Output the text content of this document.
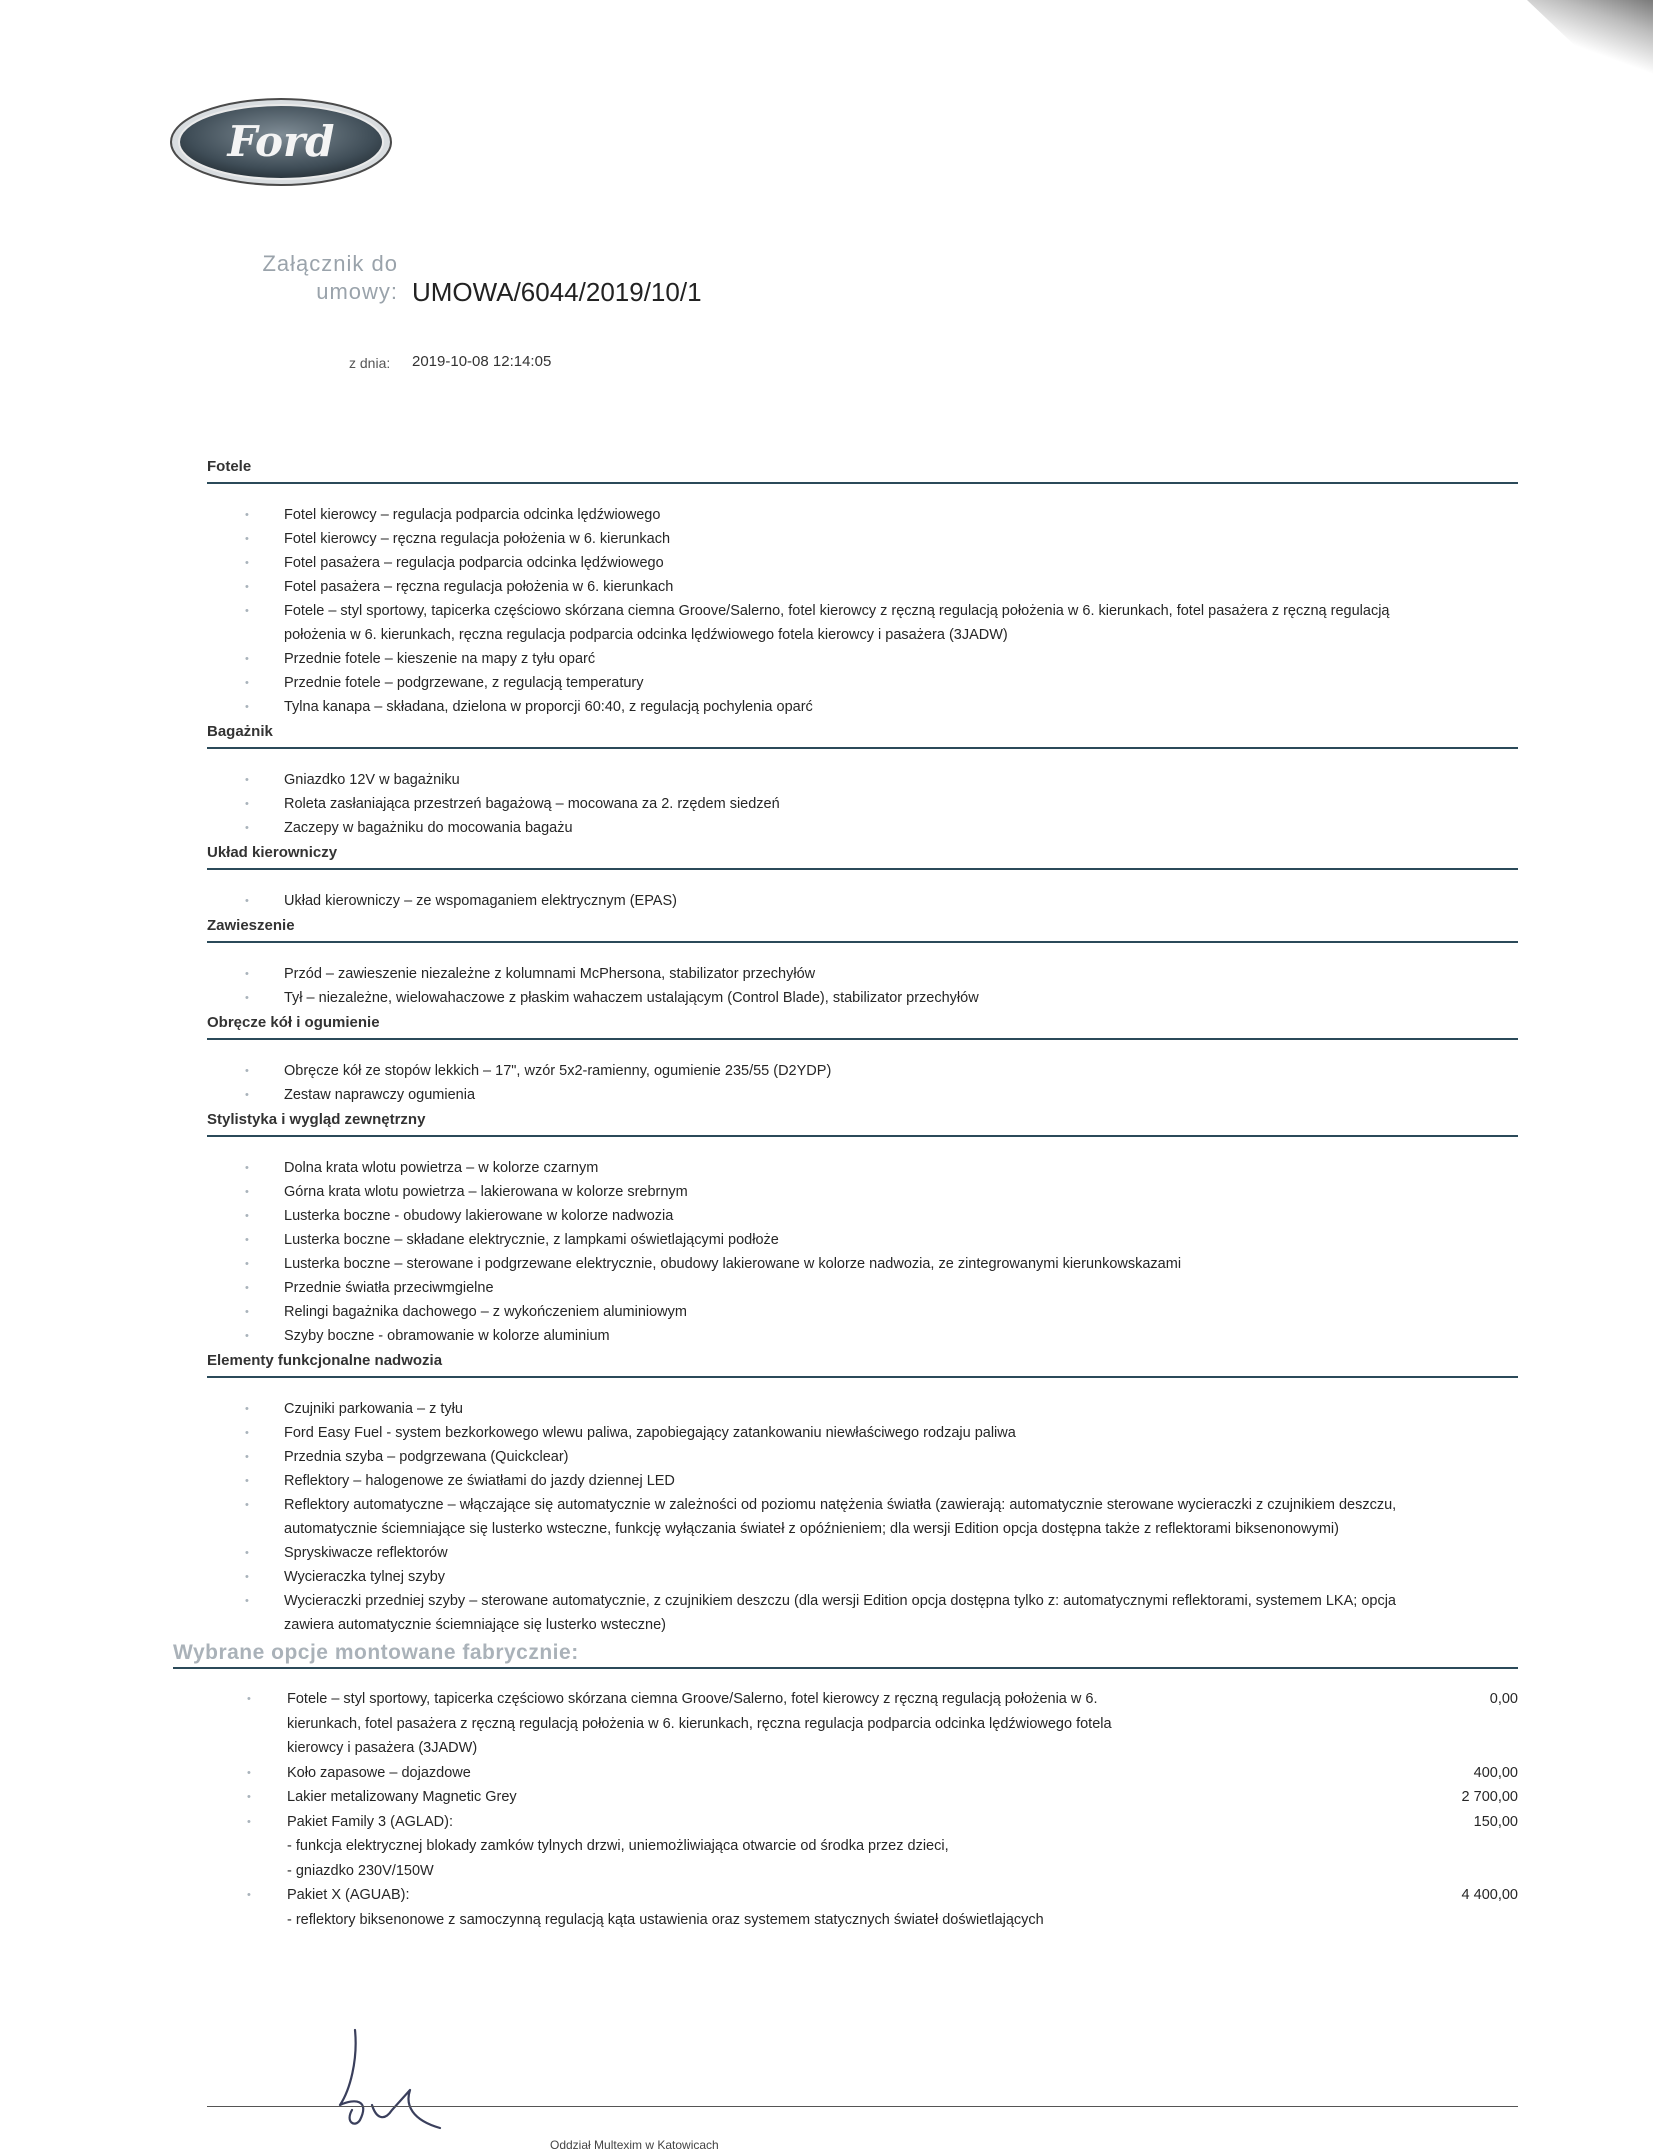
Ford
Załącznik do
umowy: UMOWA/6044/2019/10/1
z dnia: 2019-10-08 12:14:05
Fotele
• Fotel kierowcy – regulacja podparcia odcinka lędźwiowego
• Fotel kierowcy – ręczna regulacja położenia w 6. kierunkach
• Fotel pasażera – regulacja podparcia odcinka lędźwiowego
• Fotel pasażera – ręczna regulacja położenia w 6. kierunkach
• Fotele – styl sportowy, tapicerka częściowo skórzana ciemna Groove/Salerno, fotel kierowcy z ręczną regulacją położenia w 6. kierunkach, fotel pasażera z ręczną regulacją położenia w 6. kierunkach, ręczna regulacja podparcia odcinka lędźwiowego fotela kierowcy i pasażera (3JADW)
• Przednie fotele – kieszenie na mapy z tyłu oparć
• Przednie fotele – podgrzewane, z regulacją temperatury
• Tylna kanapa – składana, dzielona w proporcji 60:40, z regulacją pochylenia oparć
Bagażnik
• Gniazdko 12V w bagażniku
• Roleta zasłaniająca przestrzeń bagażową – mocowana za 2. rzędem siedzeń
• Zaczepy w bagażniku do mocowania bagażu
Układ kierowniczy
• Układ kierowniczy – ze wspomaganiem elektrycznym (EPAS)
Zawieszenie
• Przód – zawieszenie niezależne z kolumnami McPhersona, stabilizator przechyłów
• Tył – niezależne, wielowahaczowe z płaskim wahaczem ustalającym (Control Blade), stabilizator przechyłów
Obręcze kół i ogumienie
• Obręcze kół ze stopów lekkich – 17", wzór 5x2-ramienny, ogumienie 235/55 (D2YDP)
• Zestaw naprawczy ogumienia
Stylistyka i wygląd zewnętrzny
• Dolna krata wlotu powietrza – w kolorze czarnym
• Górna krata wlotu powietrza – lakierowana w kolorze srebrnym
• Lusterka boczne - obudowy lakierowane w kolorze nadwozia
• Lusterka boczne – składane elektrycznie, z lampkami oświetlającymi podłoże
• Lusterka boczne – sterowane i podgrzewane elektrycznie, obudowy lakierowane w kolorze nadwozia, ze zintegrowanymi kierunkowskazami
• Przednie światła przeciwmgielne
• Relingi bagażnika dachowego – z wykończeniem aluminiowym
• Szyby boczne - obramowanie w kolorze aluminium
Elementy funkcjonalne nadwozia
• Czujniki parkowania – z tyłu
• Ford Easy Fuel - system bezkorkowego wlewu paliwa, zapobiegający zatankowaniu niewłaściwego rodzaju paliwa
• Przednia szyba – podgrzewana (Quickclear)
• Reflektory – halogenowe ze światłami do jazdy dziennej LED
• Reflektory automatyczne – włączające się automatycznie w zależności od poziomu natężenia światła (zawierają: automatycznie sterowane wycieraczki z czujnikiem deszczu, automatycznie ściemniające się lusterko wsteczne, funkcję wyłączania świateł z opóźnieniem; dla wersji Edition opcja dostępna także z reflektorami biksenonowymi)
• Spryskiwacze reflektorów
• Wycieraczka tylnej szyby
• Wycieraczki przedniej szyby – sterowane automatycznie, z czujnikiem deszczu (dla wersji Edition opcja dostępna tylko z: automatycznymi reflektorami, systemem LKA; opcja zawiera automatycznie ściemniające się lusterko wsteczne)
Wybrane opcje montowane fabrycznie:
• Fotele – styl sportowy, tapicerka częściowo skórzana ciemna Groove/Salerno, fotel kierowcy z ręczną regulacją położenia w 6. kierunkach, fotel pasażera z ręczną regulacją położenia w 6. kierunkach, ręczna regulacja podparcia odcinka lędźwiowego fotela kierowcy i pasażera (3JADW)
0,00
• Koło zapasowe – dojazdowe	400,00
• Lakier metalizowany Magnetic Grey	2 700,00
• Pakiet Family 3 (AGLAD):
- funkcja elektrycznej blokady zamków tylnych drzwi, uniemożliwiająca otwarcie od środka przez dzieci,
- gniazdko 230V/150W
150,00
• Pakiet X (AGUAB):
- reflektory biksenonowe z samoczynną regulacją kąta ustawienia oraz systemem statycznych świateł doświetlających
4 400,00
Oddział Multexim w Katowicach
